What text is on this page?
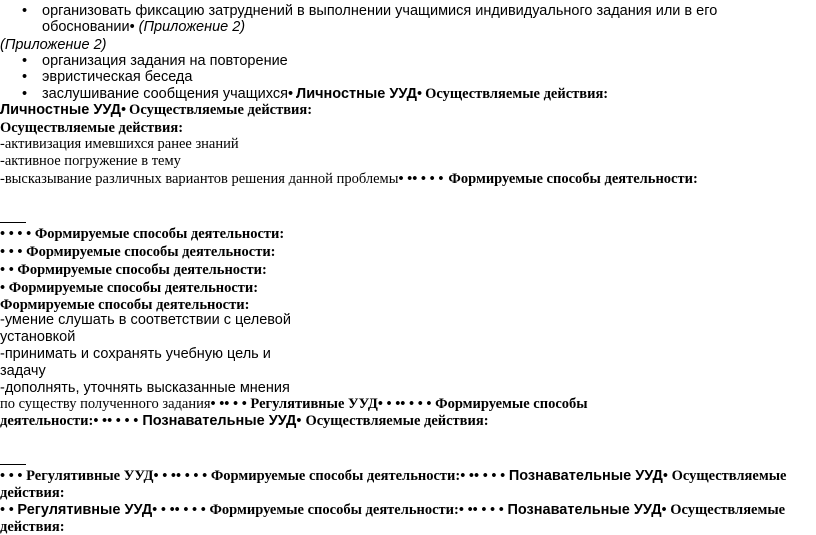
• организовать фиксацию затруднений в выполнении учащимися индивидуального задания или в его
обосновании• (Приложение 2)
(Приложение 2)
• организация задания на повторение
• эвристическая беседа
• заслушивание сообщения учащихся• Личностные УУД• Осуществляемые действия:
Личностные УУД• Осуществляемые действия:
Осуществляемые действия:
-активизация имевшихся ранее знаний
-активное погружение в тему
-высказывание различных вариантов решения данной проблемы• •• • • • Формируемые способы деятельности:
• • • • Формируемые способы деятельности:
• • • Формируемые способы деятельности:
• • Формируемые способы деятельности:
• Формируемые способы деятельности:
Формируемые способы деятельности:
-умение слушать в соответствии с целевой
установкой
-принимать и сохранять учебную цель и
задачу
-дополнять, уточнять высказанные мнения
по существу полученного задания• •• • • Регулятивные УУД• • •• • • • Формируемые способы
деятельности:• •• • • • Познавательные УУД• Осуществляемые действия:
• • • Регулятивные УУД• • •• • • • Формируемые способы деятельности:• •• • • • Познавательные УУД• Осуществляемые
действия:
• • Регулятивные УУД• • •• • • • Формируемые способы деятельности:• •• • • • Познавательные УУД• Осуществляемые
действия:
